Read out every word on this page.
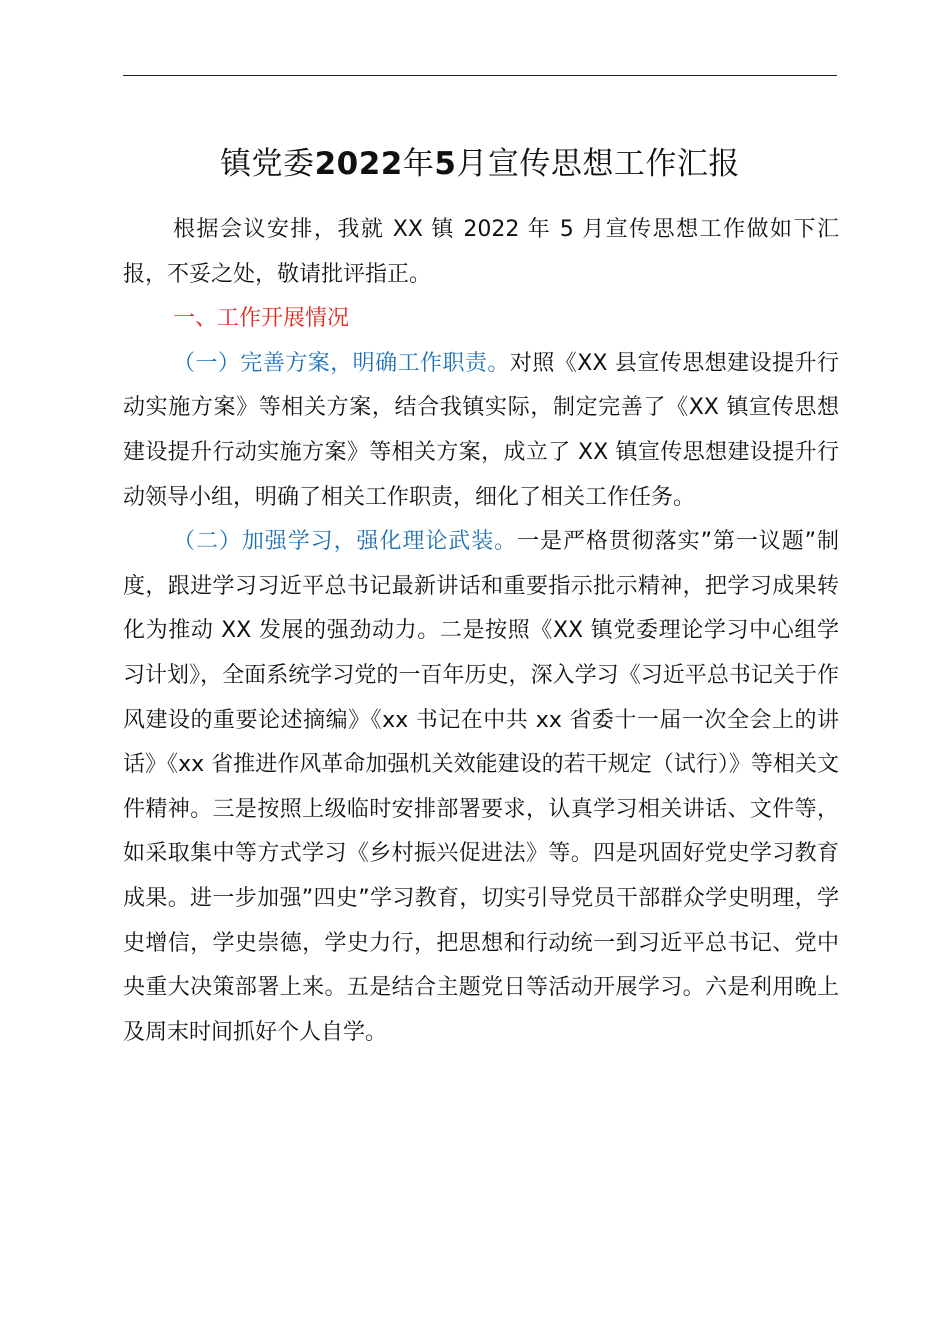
镇党委2022年5月宣传思想工作汇报

根据会议安排，我就 XX 镇 2022 年 5 月宣传思想工作做如下汇报，不妥之处，敬请批评指正。

一、工作开展情况

（一）完善方案，明确工作职责。对照《XX 县宣传思想建设提升行动实施方案》等相关方案，结合我镇实际，制定完善了《XX 镇宣传思想建设提升行动实施方案》等相关方案，成立了 XX 镇宣传思想建设提升行动领导小组，明确了相关工作职责，细化了相关工作任务。

（二）加强学习，强化理论武装。一是严格贯彻落实”第一议题”制度，跟进学习习近平总书记最新讲话和重要指示批示精神，把学习成果转化为推动 XX 发展的强劲动力。二是按照《XX 镇党委理论学习中心组学习计划》，全面系统学习党的一百年历史，深入学习《习近平总书记关于作风建设的重要论述摘编》《xx 书记在中共 xx 省委十一届一次全会上的讲话》《xx 省推进作风革命加强机关效能建设的若干规定（试行）》等相关文件精神。三是按照上级临时安排部署要求，认真学习相关讲话、文件等，如采取集中等方式学习《乡村振兴促进法》等。四是巩固好党史学习教育成果。进一步加强”四史”学习教育，切实引导党员干部群众学史明理，学史增信，学史崇德，学史力行，把思想和行动统一到习近平总书记、党中央重大决策部署上来。五是结合主题党日等活动开展学习。六是利用晚上及周末时间抓好个人自学。
